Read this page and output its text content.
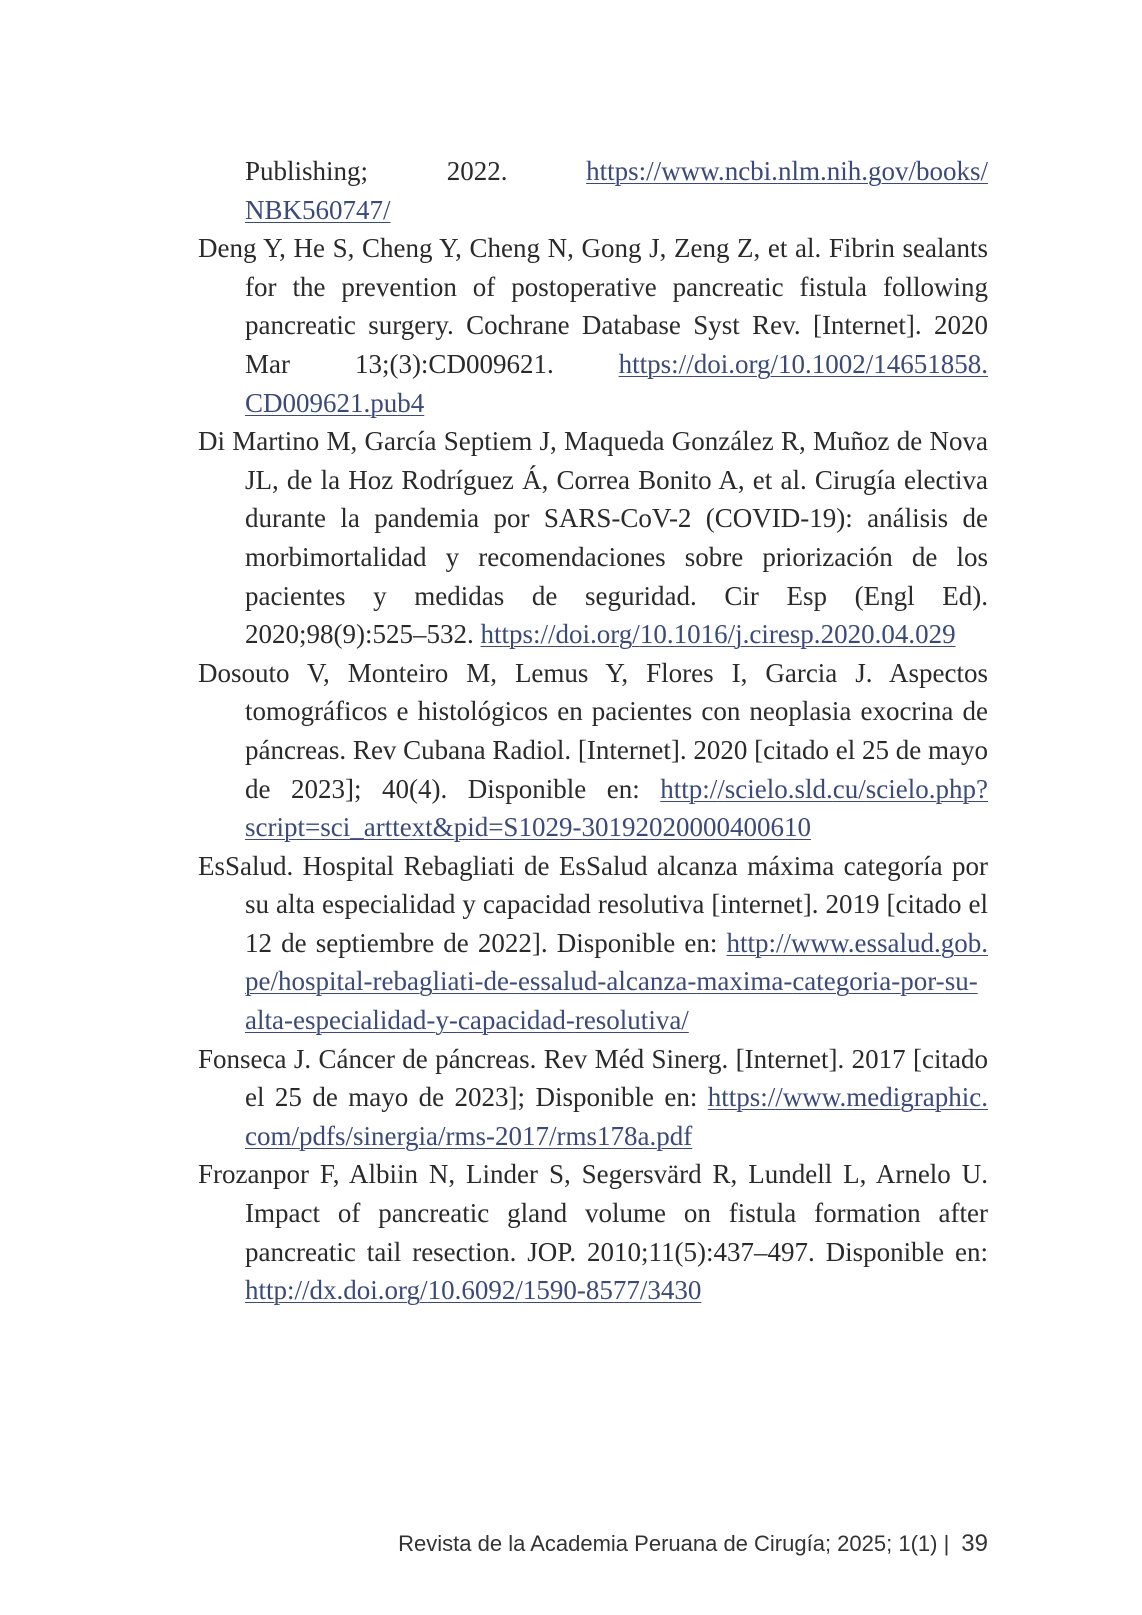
Publishing; 2022. https://www.ncbi.nlm.nih.gov/books/NBK560747/

Deng Y, He S, Cheng Y, Cheng N, Gong J, Zeng Z, et al. Fibrin sealants for the prevention of postoperative pancreatic fistula following pancreatic surgery. Cochrane Database Syst Rev. [Internet]. 2020 Mar 13;(3):CD009621. https://doi.org/10.1002/14651858.CD009621.pub4

Di Martino M, García Septiem J, Maqueda González R, Muñoz de Nova JL, de la Hoz Rodríguez Á, Correa Bonito A, et al. Cirugía electiva durante la pandemia por SARS-CoV-2 (COVID-19): análisis de morbimortalidad y recomendaciones sobre priorización de los pacientes y medidas de seguridad. Cir Esp (Engl Ed). 2020;98(9):525–532. https://doi.org/10.1016/j.ciresp.2020.04.029

Dosouto V, Monteiro M, Lemus Y, Flores I, Garcia J. Aspectos tomográficos e histológicos en pacientes con neoplasia exocrina de páncreas. Rev Cubana Radiol. [Internet]. 2020 [citado el 25 de mayo de 2023]; 40(4). Disponible en: http://scielo.sld.cu/scielo.php?script=sci_arttext&pid=S1029-30192020000400610

EsSalud. Hospital Rebagliati de EsSalud alcanza máxima categoría por su alta especialidad y capacidad resolutiva [internet]. 2019 [citado el 12 de septiembre de 2022]. Disponible en: http://www.essalud.gob.pe/hospital-rebagliati-de-essalud-alcanza-maxima-categoria-por-su-alta-especialidad-y-capacidad-resolutiva/

Fonseca J. Cáncer de páncreas. Rev Méd Sinerg. [Internet]. 2017 [citado el 25 de mayo de 2023]; Disponible en: https://www.medigraphic.com/pdfs/sinergia/rms-2017/rms178a.pdf

Frozanpor F, Albiin N, Linder S, Segersvärd R, Lundell L, Arnelo U. Impact of pancreatic gland volume on fistula formation after pancreatic tail resection. JOP. 2010;11(5):437–497. Disponible en: http://dx.doi.org/10.6092/1590-8577/3430

Revista de la Academia Peruana de Cirugía; 2025; 1(1) | 39
